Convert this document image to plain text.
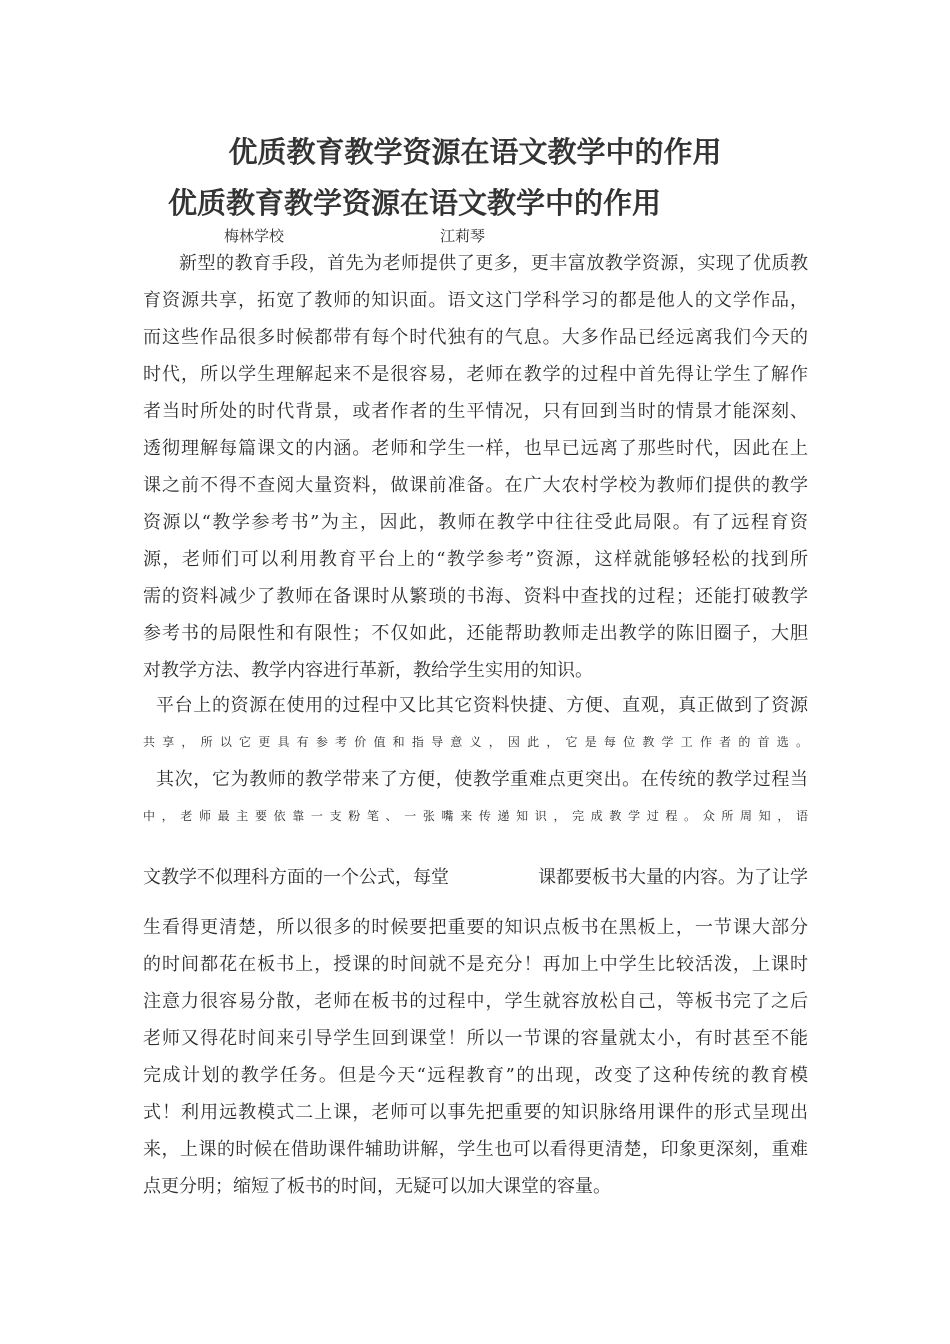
优质教育教学资源在语文教学中的作用
优质教育教学资源在语文教学中的作用
梅林学校	江莉琴
新型的教育手段，首先为老师提供了更多，更丰富放教学资源，实现了优质教
育资源共享，拓宽了教师的知识面。语文这门学科学习的都是他人的文学作品，
而这些作品很多时候都带有每个时代独有的气息。大多作品已经远离我们今天的
时代，所以学生理解起来不是很容易，老师在教学的过程中首先得让学生了解作
者当时所处的时代背景，或者作者的生平情况，只有回到当时的情景才能深刻、
透彻理解每篇课文的内涵。老师和学生一样，也早已远离了那些时代，因此在上
课之前不得不查阅大量资料，做课前准备。在广大农村学校为教师们提供的教学
资源以“教学参考书”为主，因此，教师在教学中往往受此局限。有了远程育资
源，老师们可以利用教育平台上的“教学参考”资源，这样就能够轻松的找到所
需的资料减少了教师在备课时从繁琐的书海、资料中查找的过程；还能打破教学
参考书的局限性和有限性；不仅如此，还能帮助教师走出教学的陈旧圈子，大胆
对教学方法、教学内容进行革新，教给学生实用的知识。
平台上的资源在使用的过程中又比其它资料快捷、方便、直观，真正做到了资源
共享，所以它更具有参考价值和指导意义，因此，它是每位教学工作者的首选。
其次，它为教师的教学带来了方便，使教学重难点更突出。在传统的教学过程当
中，老师最主要依靠一支粉笔、一张嘴来传递知识，完成教学过程。众所周知，语
文教学不似理科方面的一个公式，每堂	课都要板书大量的内容。为了让学
生看得更清楚，所以很多的时候要把重要的知识点板书在黑板上，一节课大部分
的时间都花在板书上，授课的时间就不是充分！再加上中学生比较活泼，上课时
注意力很容易分散，老师在板书的过程中，学生就容放松自己，等板书完了之后
老师又得花时间来引导学生回到课堂！所以一节课的容量就太小，有时甚至不能
完成计划的教学任务。但是今天“远程教育”的出现，改变了这种传统的教育模
式！利用远教模式二上课，老师可以事先把重要的知识脉络用课件的形式呈现出
来，上课的时候在借助课件辅助讲解，学生也可以看得更清楚，印象更深刻，重难
点更分明；缩短了板书的时间，无疑可以加大课堂的容量。
